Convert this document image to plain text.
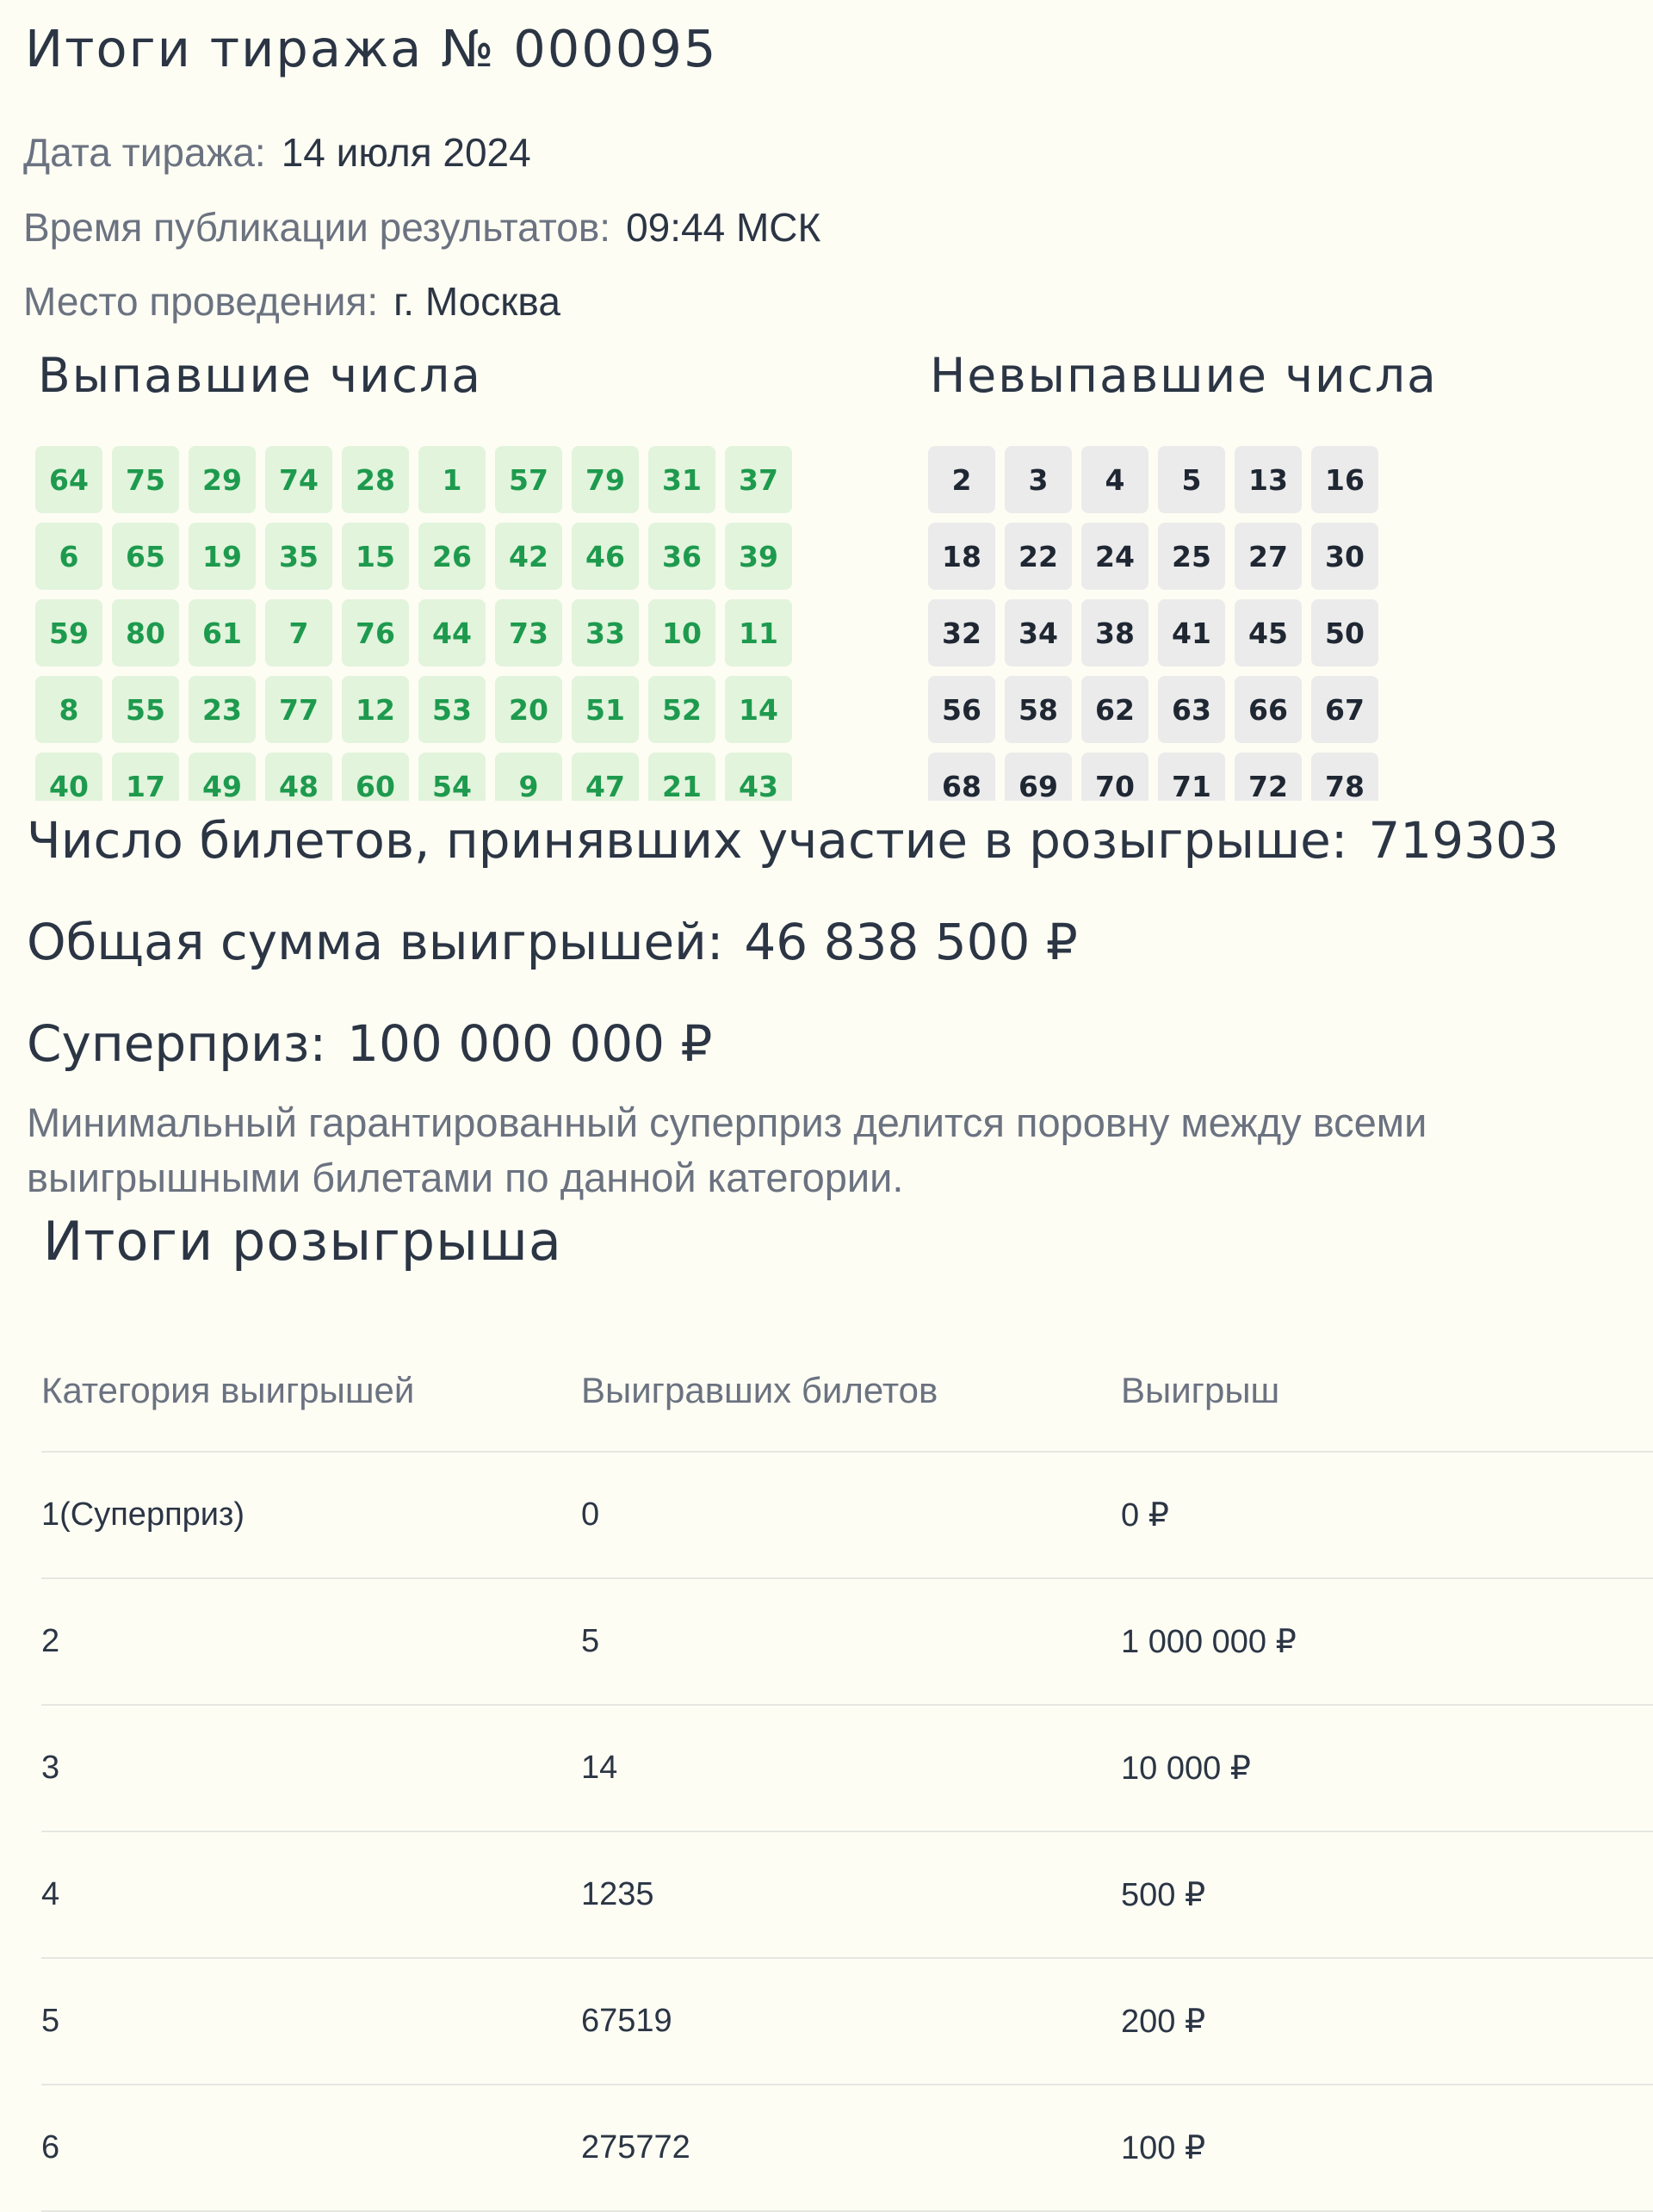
Итоги тиража № 000095
Дата тиража: 14 июля 2024
Время публикации результатов: 09:44 МСК
Место проведения: г. Москва
Выпавшие числа	Невыпавшие числа
64	75	29	74	28	1	57	79	31	37
6	65	19	35	15	26	42	46	36	39
59	80	61	7	76	44	73	33	10	11
8	55	23	77	12	53	20	51	52	14
40	17	49	48	60	54	9	47	21	43
2	3	4	5	13	16
18	22	24	25	27	30
32	34	38	41	45	50
56	58	62	63	66	67
68	69	70	71	72	78
Число билетов, принявших участие в розыгрыше: 719303
Общая сумма выигрышей: 46 838 500 ₽
Суперприз: 100 000 000 ₽

Минимальный гарантированный суперприз делится поровну между всеми выигрышными билетами по данной категории.

Итоги розыгрыша
Категория выигрышей	Выигравших билетов	Выигрыш
1(Суперприз)	0	0 ₽
2	5	1 000 000 ₽
3	14	10 000 ₽
4	1235	500 ₽
5	67519	200 ₽
6	275772	100 ₽
